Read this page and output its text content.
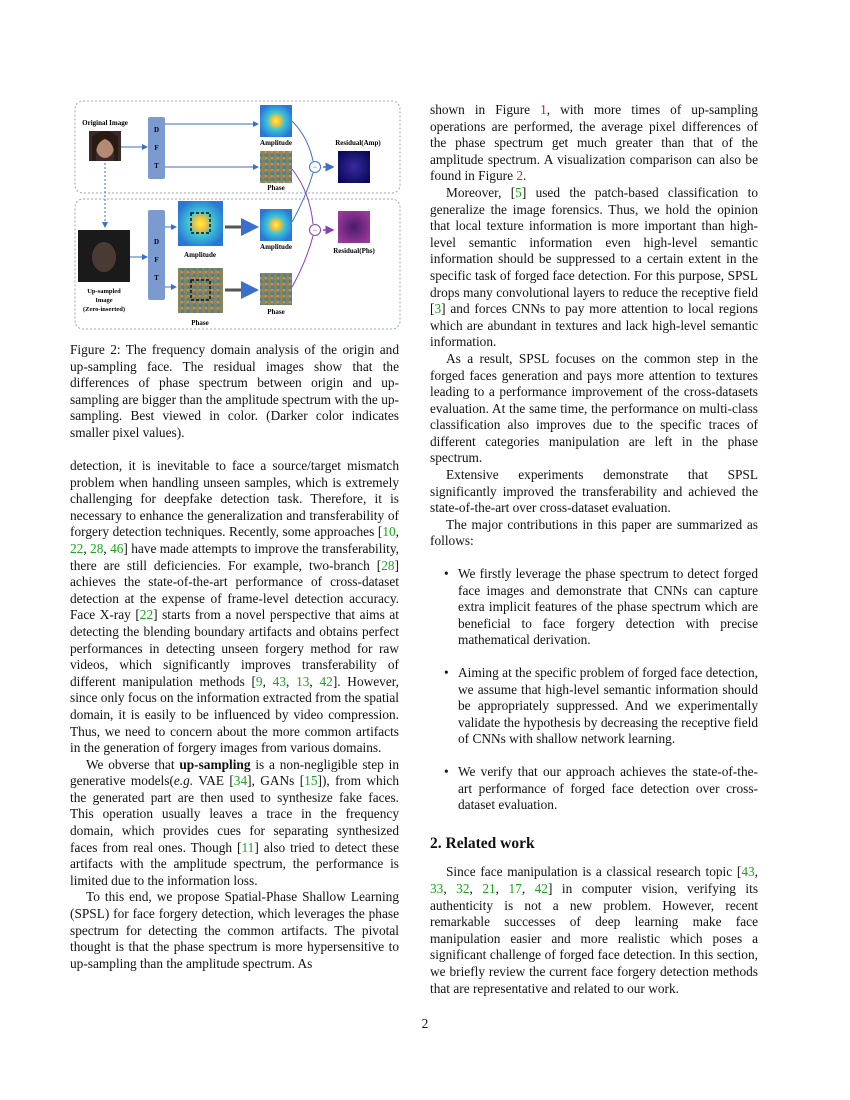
Original Image
D
F
T
Amplitude
Phase
−
−
Residual(Amp)
Residual(Phs)
Up-sampled
Image
(Zero-inserted)
D
F
T
Amplitude
Amplitude
Phase
Phase
Figure 2: The frequency domain analysis of the origin and up-sampling face. The residual images show that the differences of phase spectrum between origin and up-sampling are bigger than the amplitude spectrum with the up-sampling. Best viewed in color. (Darker color indicates smaller pixel values).

detection, it is inevitable to face a source/target mismatch problem when handling unseen samples, which is extremely challenging for deepfake detection task. Therefore, it is necessary to enhance the generalization and transferability of forgery detection techniques. Recently, some approaches [10, 22, 28, 46] have made attempts to improve the transferability, there are still deficiencies. For example, two-branch [28] achieves the state-of-the-art performance of cross-dataset detection at the expense of frame-level detection accuracy. Face X-ray [22] starts from a novel perspective that aims at detecting the blending boundary artifacts and obtains perfect performances in detecting unseen forgery method for raw videos, which significantly improves transferability of different manipulation methods [9, 43, 13, 42]. However, since only focus on the information extracted from the spatial domain, it is easily to be influenced by video compression. Thus, we need to concern about the more common artifacts in the generation of forgery images from various domains.

We obverse that up-sampling is a non-negligible step in generative models(e.g. VAE [34], GANs [15]), from which the generated part are then used to synthesize fake faces. This operation usually leaves a trace in the frequency domain, which provides cues for separating synthesized faces from real ones. Though [11] also tried to detect these artifacts with the amplitude spectrum, the performance is limited due to the information loss.

To this end, we propose Spatial-Phase Shallow Learning (SPSL) for face forgery detection, which leverages the phase spectrum for detecting the common artifacts. The pivotal thought is that the phase spectrum is more hypersensitive to up-sampling than the amplitude spectrum. As

shown in Figure 1, with more times of up-sampling operations are performed, the average pixel differences of the phase spectrum get much greater than that of the amplitude spectrum. A visualization comparison can also be found in Figure 2.

Moreover, [5] used the patch-based classification to generalize the image forensics. Thus, we hold the opinion that local texture information is more important than high-level semantic information even high-level semantic information should be suppressed to a certain extent in the specific task of forged face detection. For this purpose, SPSL drops many convolutional layers to reduce the receptive field [3] and forces CNNs to pay more attention to local regions which are abundant in textures and lack high-level semantic information.

As a result, SPSL focuses on the common step in the forged faces generation and pays more attention to textures leading to a performance improvement of the cross-datasets evaluation. At the same time, the performance on multi-class classification also improves due to the specific traces of different categories manipulation are left in the phase spectrum.

Extensive experiments demonstrate that SPSL significantly improved the transferability and achieved the state-of-the-art over cross-dataset evaluation.

The major contributions in this paper are summarized as follows:

• We firstly leverage the phase spectrum to detect forged face images and demonstrate that CNNs can capture extra implicit features of the phase spectrum which are beneficial to face forgery detection with precise mathematical derivation.
• Aiming at the specific problem of forged face detection, we assume that high-level semantic information should be appropriately suppressed. And we experimentally validate the hypothesis by decreasing the receptive field of CNNs with shallow network learning.
• We verify that our approach achieves the state-of-the-art performance of forged face detection over cross-dataset evaluation.
2. Related work

Since face manipulation is a classical research topic [43, 33, 32, 21, 17, 42] in computer vision, verifying its authenticity is not a new problem. However, recent remarkable successes of deep learning make face manipulation easier and more realistic which poses a significant challenge of forged face detection. In this section, we briefly review the current face forgery detection methods that are representative and related to our work.

2
